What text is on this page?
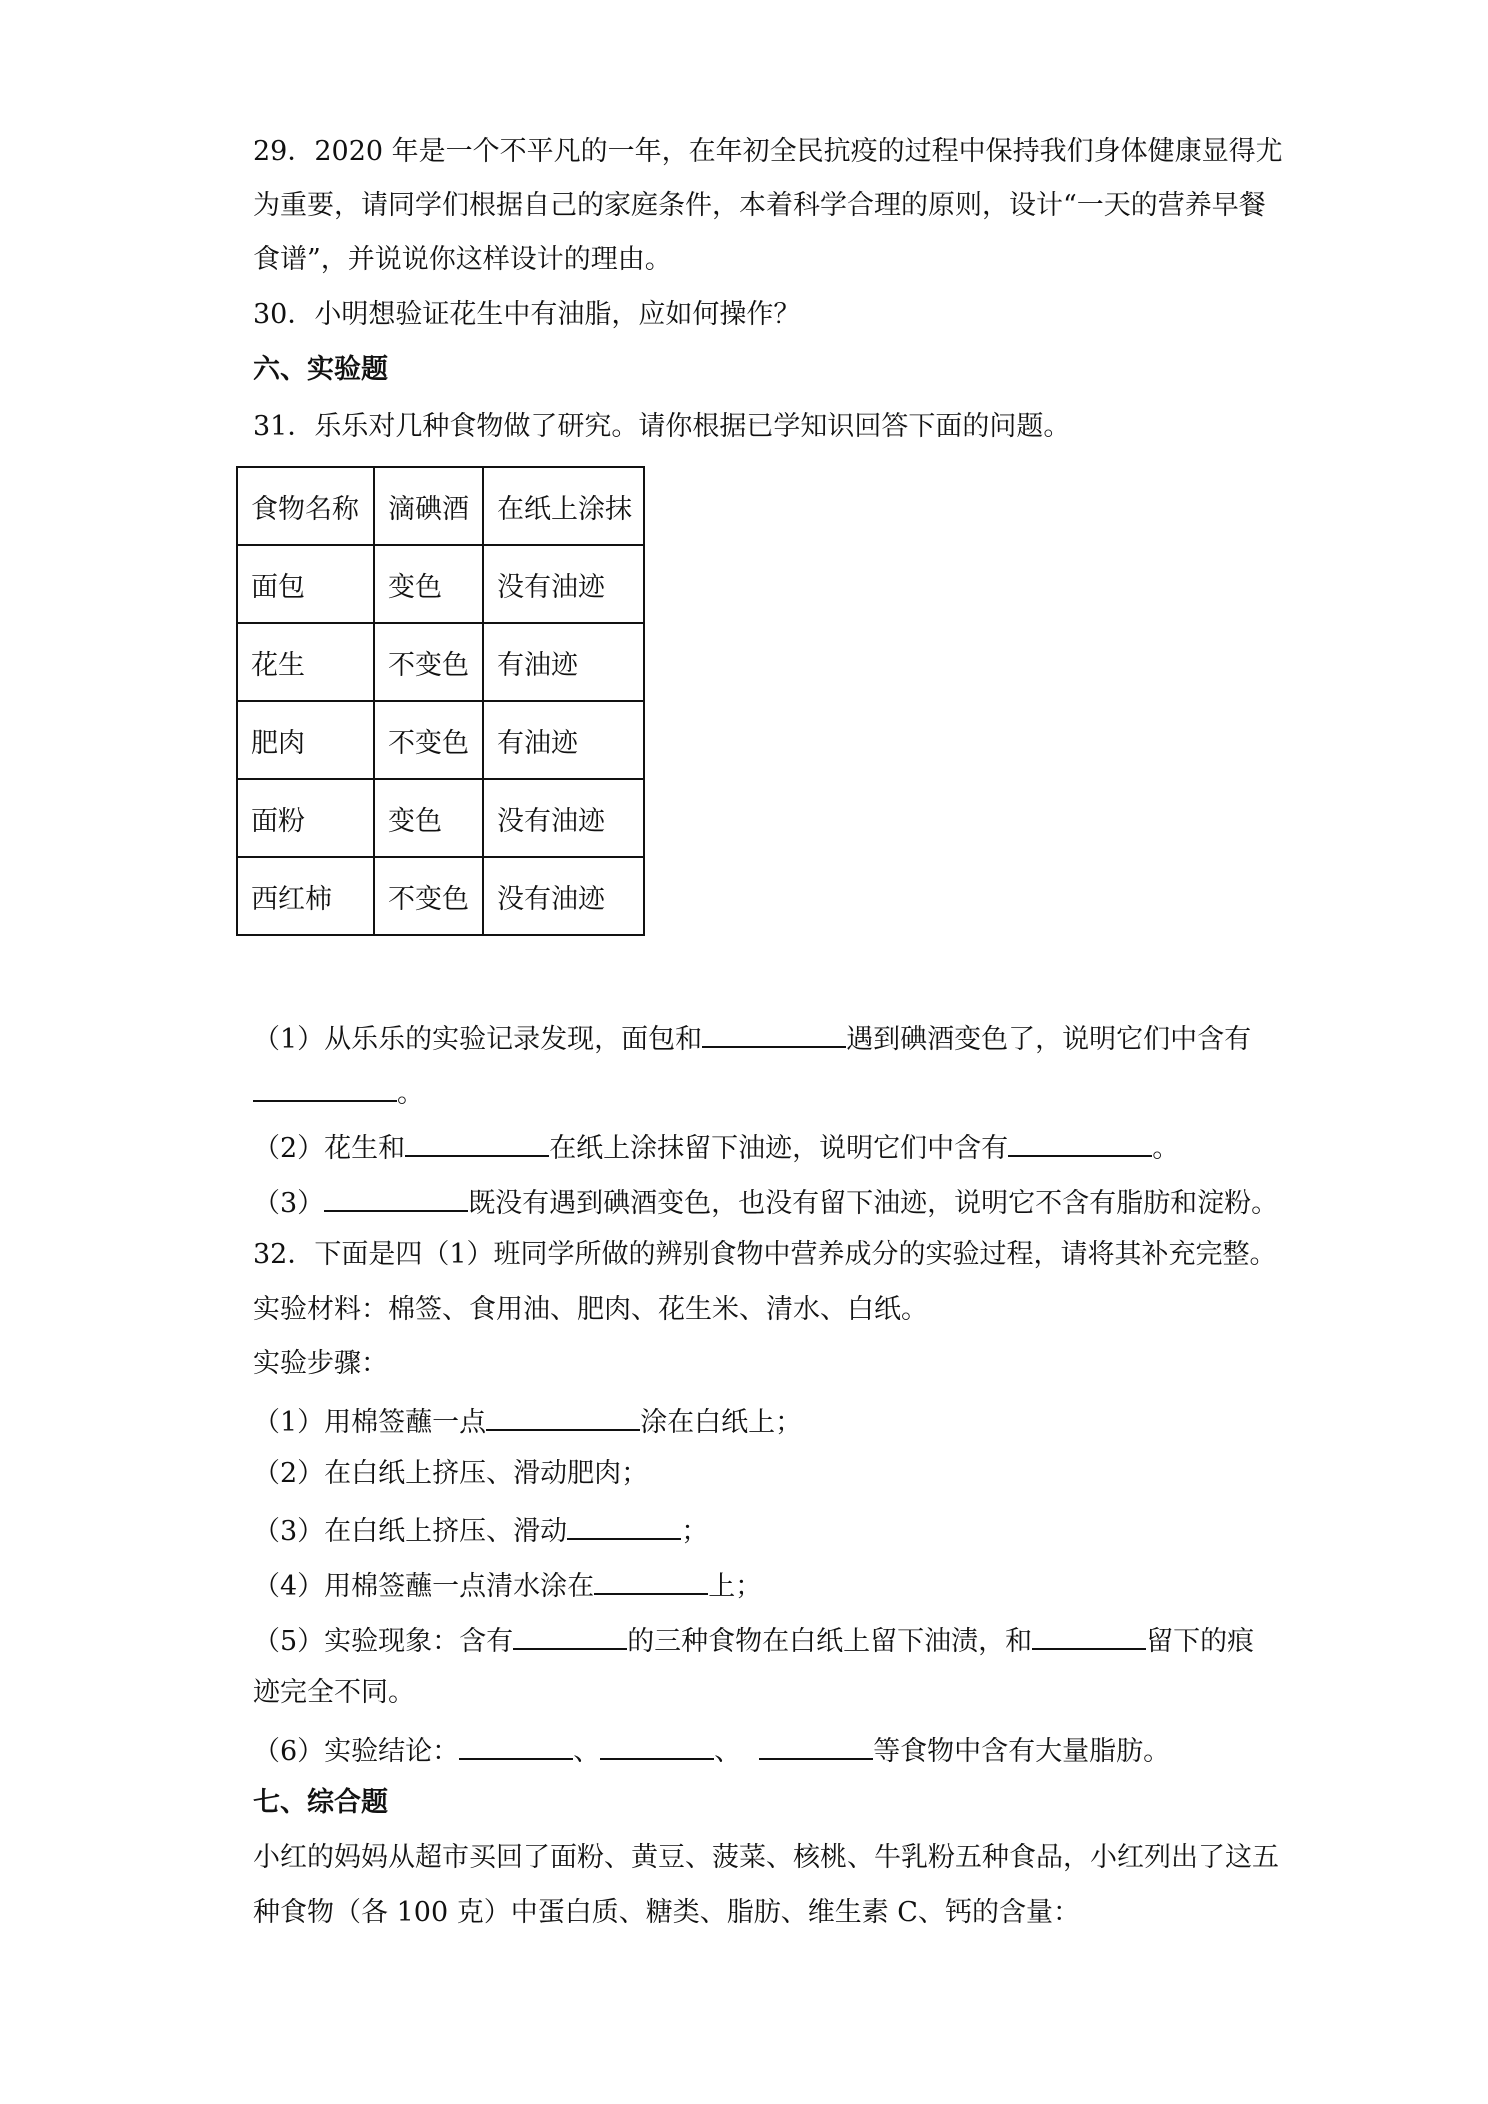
29．2020 年是一个不平凡的一年，在年初全民抗疫的过程中保持我们身体健康显得尤
为重要，请同学们根据自己的家庭条件，本着科学合理的原则，设计“一天的营养早餐
食谱”，并说说你这样设计的理由。
30．小明想验证花生中有油脂，应如何操作？
六、实验题
31．乐乐对几种食物做了研究。请你根据已学知识回答下面的问题。
食物名称	滴碘酒	在纸上涂抹
面包	变色	没有油迹
花生	不变色	有油迹
肥肉	不变色	有油迹
面粉	变色	没有油迹
西红柿	不变色	没有油迹
（1）从乐乐的实验记录发现，面包和	遇到碘酒变色了，说明它们中含有
。
（2）花生和	在纸上涂抹留下油迹，说明它们中含有	。
（3）	既没有遇到碘酒变色，也没有留下油迹，说明它不含有脂肪和淀粉。
32．下面是四（1）班同学所做的辨别食物中营养成分的实验过程，请将其补充完整。
实验材料：棉签、食用油、肥肉、花生米、清水、白纸。
实验步骤：
（1）用棉签蘸一点	涂在白纸上；
（2）在白纸上挤压、滑动肥肉；
（3）在白纸上挤压、滑动	；
（4）用棉签蘸一点清水涂在	上；
（5）实验现象：含有	的三种食物在白纸上留下油渍，和	留下的痕
迹完全不同。
（6）实验结论：	、	、	等食物中含有大量脂肪。
七、综合题
小红的妈妈从超市买回了面粉、黄豆、菠菜、核桃、牛乳粉五种食品，小红列出了这五
种食物（各 100 克）中蛋白质、糖类、脂肪、维生素 C、钙的含量：
